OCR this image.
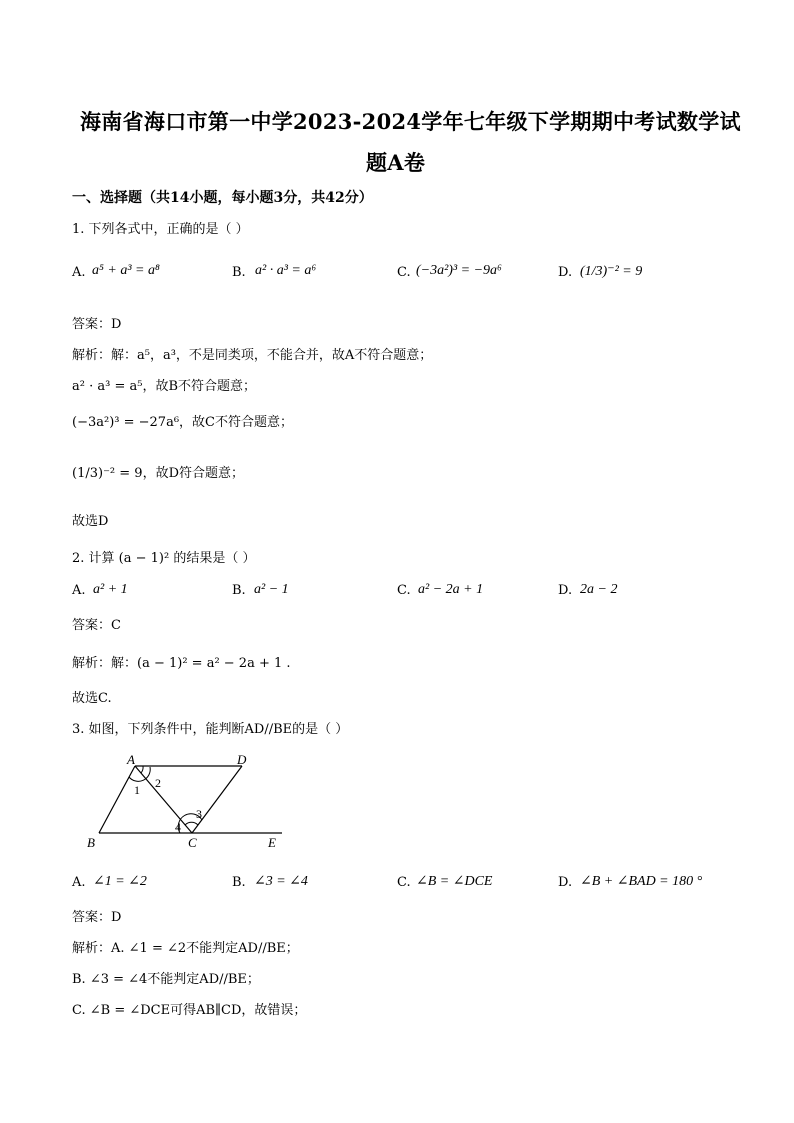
海南省海口市第一中学2023-2024学年七年级下学期期中考试数学试
题A卷
一、选择题（共14小题，每小题3分，共42分）
1. 下列各式中，正确的是（ ）
A. a⁵ + a³ = a⁸	B. a² · a³ = a⁶	C. (−3a²)³ = −9a⁶	D. (1/3)⁻² = 9
答案：D
解析：解：a⁵，a³，不是同类项，不能合并，故A不符合题意；
a² · a³ = a⁵，故B不符合题意；
(−3a²)³ = −27a⁶，故C不符合题意；
(1/3)⁻² = 9，故D符合题意；
故选D
2. 计算 (a − 1)² 的结果是（ ）
A. a² + 1	B. a² − 1	C. a² − 2a + 1	D. 2a − 2
答案：C
解析：解：(a − 1)² = a² − 2a + 1 .
故选C.
3. 如图，下列条件中，能判断AD//BE的是（ ）
A	D
B	C	E
1 2
3
4
A. ∠1 = ∠2	B. ∠3 = ∠4	C. ∠B = ∠DCE	D. ∠B + ∠BAD = 180 °
答案：D
解析：A. ∠1 = ∠2不能判定AD//BE；
B. ∠3 = ∠4不能判定AD//BE；
C. ∠B = ∠DCE可得AB∥CD，故错误；
